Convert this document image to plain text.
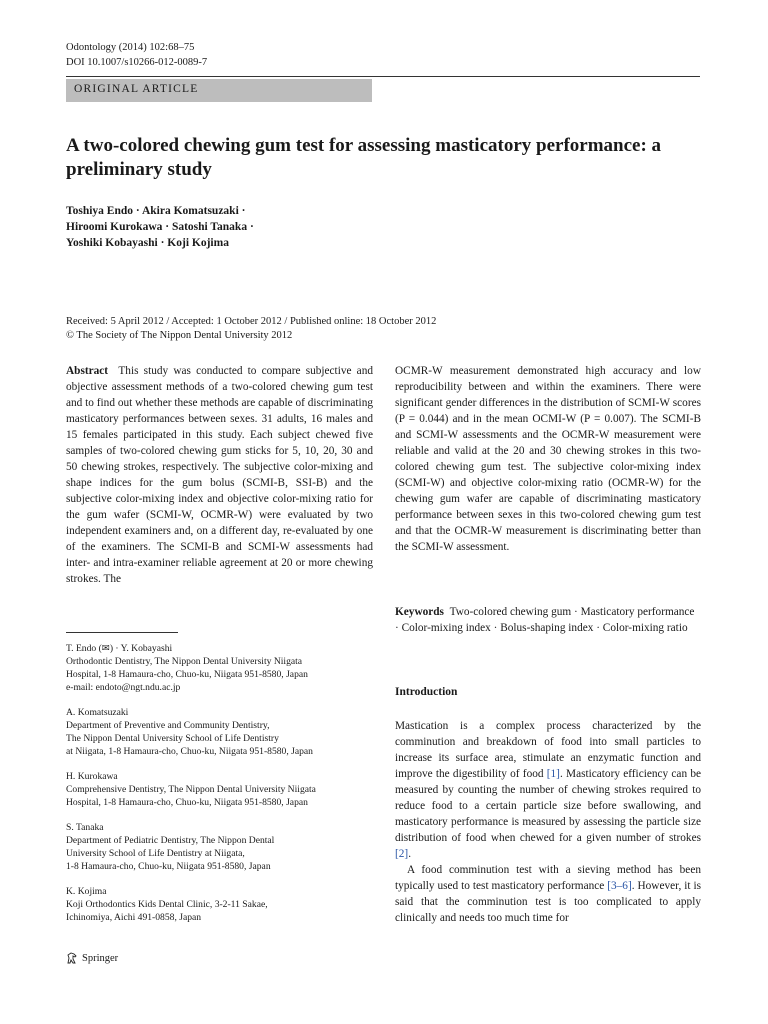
Odontology (2014) 102:68–75
DOI 10.1007/s10266-012-0089-7
ORIGINAL ARTICLE
A two-colored chewing gum test for assessing masticatory performance: a preliminary study
Toshiya Endo · Akira Komatsuzaki ·
Hiroomi Kurokawa · Satoshi Tanaka ·
Yoshiki Kobayashi · Koji Kojima
Received: 5 April 2012 / Accepted: 1 October 2012 / Published online: 18 October 2012
© The Society of The Nippon Dental University 2012

Abstract This study was conducted to compare subjective and objective assessment methods of a two-colored chewing gum test and to find out whether these methods are capable of discriminating masticatory performances between sexes. 31 adults, 16 males and 15 females participated in this study. Each subject chewed five samples of two-colored chewing gum sticks for 5, 10, 20, 30 and 50 chewing strokes, respectively. The subjective color-mixing and shape indices for the gum bolus (SCMI-B, SSI-B) and the subjective color-mixing index and objective color-mixing ratio for the gum wafer (SCMI-W, OCMR-W) were evaluated by two independent examiners and, on a different day, re-evaluated by one of the examiners. The SCMI-B and SCMI-W assessments had inter- and intra-examiner reliable agreement at 20 or more chewing strokes. The

OCMR-W measurement demonstrated high accuracy and low reproducibility between and within the examiners. There were significant gender differences in the distribution of SCMI-W scores (P = 0.044) and in the mean OCMI-W (P = 0.007). The SCMI-B and SCMI-W assessments and the OCMR-W measurement were reliable and valid at the 20 and 30 chewing strokes in this two-colored chewing gum test. The subjective color-mixing index (SCMI-W) and objective color-mixing ratio (OCMR-W) for the chewing gum wafer are capable of discriminating masticatory performance between sexes in this two-colored chewing gum test and that the OCMR-W measurement is discriminating better than the SCMI-W assessment.

Keywords Two-colored chewing gum · Masticatory performance · Color-mixing index · Bolus-shaping index · Color-mixing ratio

T. Endo (✉) · Y. Kobayashi
Orthodontic Dentistry, The Nippon Dental University Niigata
Hospital, 1-8 Hamaura-cho, Chuo-ku, Niigata 951-8580, Japan
e-mail: endoto@ngt.ndu.ac.jp
A. Komatsuzaki
Department of Preventive and Community Dentistry,
The Nippon Dental University School of Life Dentistry
at Niigata, 1-8 Hamaura-cho, Chuo-ku, Niigata 951-8580, Japan
H. Kurokawa
Comprehensive Dentistry, The Nippon Dental University Niigata
Hospital, 1-8 Hamaura-cho, Chuo-ku, Niigata 951-8580, Japan
S. Tanaka
Department of Pediatric Dentistry, The Nippon Dental
University School of Life Dentistry at Niigata,
1-8 Hamaura-cho, Chuo-ku, Niigata 951-8580, Japan
K. Kojima
Koji Orthodontics Kids Dental Clinic, 3-2-11 Sakae,
Ichinomiya, Aichi 491-0858, Japan
Introduction

Mastication is a complex process characterized by the comminution and breakdown of food into small particles to increase its surface area, stimulate an enzymatic function and improve the digestibility of food [1]. Masticatory efficiency can be measured by counting the number of chewing strokes required to reduce food to a certain particle size before swallowing, and masticatory performance is measured by assessing the particle size distribution of food when chewed for a given number of strokes [2].

A food comminution test with a sieving method has been typically used to test masticatory performance [3–6]. However, it is said that the comminution test is too complicated to apply clinically and needs too much time for

Springer
